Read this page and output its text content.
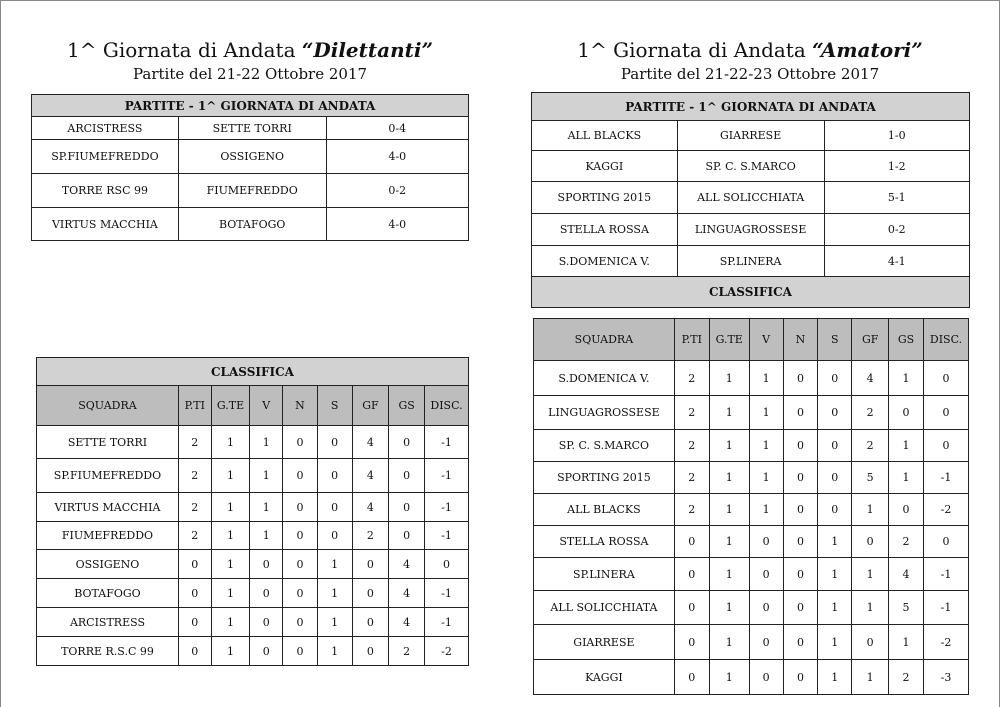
1^ Giornata di Andata “Dilettanti”
Partite del 21-22 Ottobre 2017
PARTITE - 1^ GIORNATA DI ANDATA		
ARCISTRESS	SETTE TORRI	0-4
SP.FIUMEFREDDO	OSSIGENO	4-0
TORRE RSC 99	FIUMEFREDDO	0-2
VIRTUS MACCHIA	BOTAFOGO	4-0
CLASSIFICA								
SQUADRA	P.TI	G.TE	V	N	S	GF	GS	DISC.
SETTE TORRI	2	1	1	0	0	4	0	-1
SP.FIUMEFREDDO	2	1	1	0	0	4	0	-1
VIRTUS MACCHIA	2	1	1	0	0	4	0	-1
FIUMEFREDDO	2	1	1	0	0	2	0	-1
OSSIGENO	0	1	0	0	1	0	4	0
BOTAFOGO	0	1	0	0	1	0	4	-1
ARCISTRESS	0	1	0	0	1	0	4	-1
TORRE R.S.C 99	0	1	0	0	1	0	2	-2
1^ Giornata di Andata “Amatori”
Partite del 21-22-23 Ottobre 2017
PARTITE - 1^ GIORNATA DI ANDATA		
ALL BLACKS	GIARRESE	1-0
KAGGI	SP. C. S.MARCO	1-2
SPORTING 2015	ALL SOLICCHIATA	5-1
STELLA ROSSA	LINGUAGROSSESE	0-2
S.DOMENICA V.	SP.LINERA	4-1
CLASSIFICA		
SQUADRA	P.TI	G.TE	V	N	S	GF	GS	DISC.
S.DOMENICA V.	2	1	1	0	0	4	1	0
LINGUAGROSSESE	2	1	1	0	0	2	0	0
SP. C. S.MARCO	2	1	1	0	0	2	1	0
SPORTING 2015	2	1	1	0	0	5	1	-1
ALL BLACKS	2	1	1	0	0	1	0	-2
STELLA ROSSA	0	1	0	0	1	0	2	0
SP.LINERA	0	1	0	0	1	1	4	-1
ALL SOLICCHIATA	0	1	0	0	1	1	5	-1
GIARRESE	0	1	0	0	1	0	1	-2
KAGGI	0	1	0	0	1	1	2	-3
